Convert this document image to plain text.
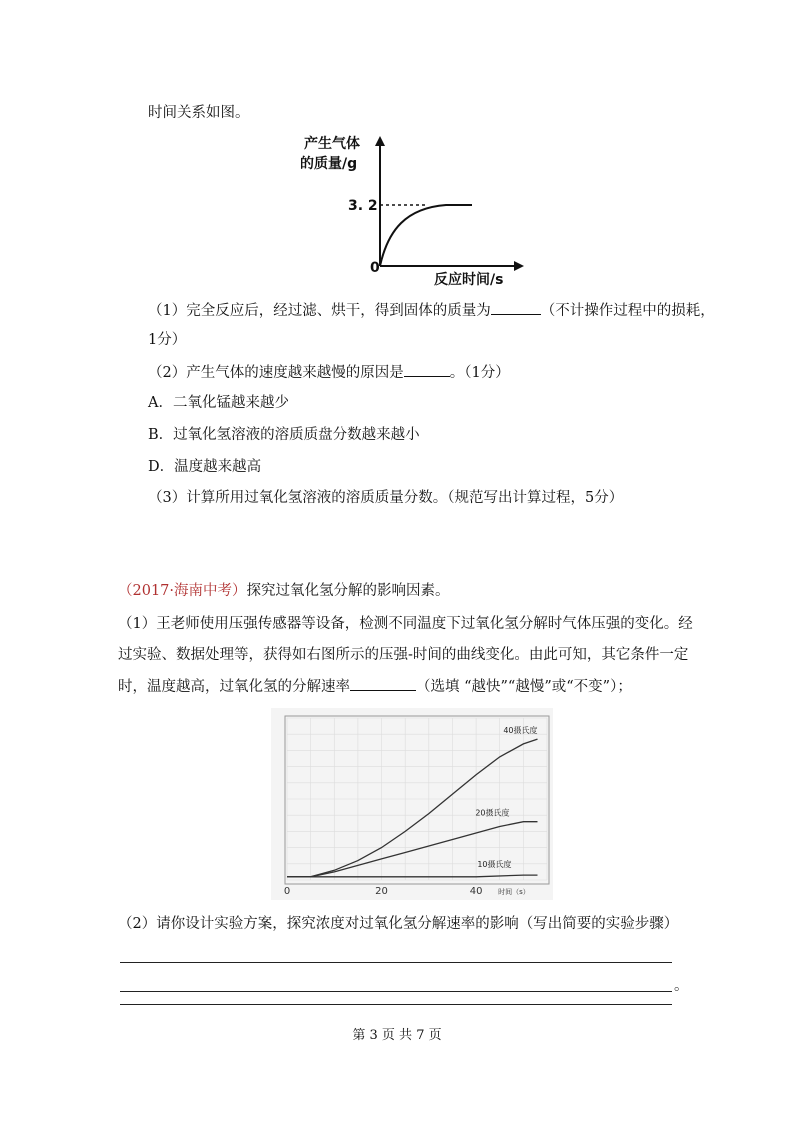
时间关系如图。
产生气体
的质量/g
3. 2
0
反应时间/s
（1）完全反应后，经过滤、烘干，得到固体的质量为	（不计操作过程中的损耗，
1分）
（2）产生气体的速度越来越慢的原因是	。（1分）
A．二氧化锰越来越少
B．过氧化氢溶液的溶质质盘分数越来越小
D．温度越来越高
（3）计算所用过氧化氢溶液的溶质质量分数。（规范写出计算过程，5分）
（2017·海南中考）探究过氧化氢分解的影响因素。
（1）王老师使用压强传感器等设备，检测不同温度下过氧化氢分解时气体压强的变化。经
过实验、数据处理等，获得如右图所示的压强-时间的曲线变化。由此可知，其它条件一定
时，温度越高，过氧化氢的分解速率	（选填 “越快”“越慢”或“不变”）；
40摄氏度
20摄氏度
10摄氏度
0	20	40 时间（s）
（2）请你设计实验方案，探究浓度对过氧化氢分解速率的影响（写出简要的实验步骤）
。
第 3 页 共 7 页
